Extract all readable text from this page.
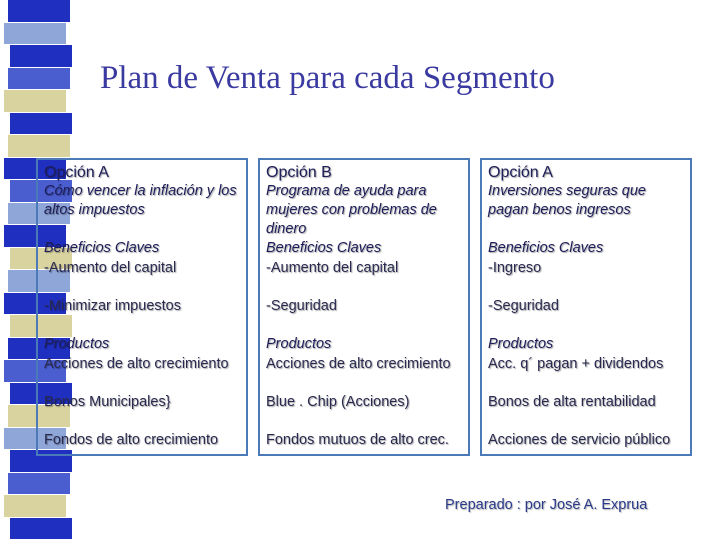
Plan de Venta para cada Segmento
Opción A
Cómo vencer la inflación y los altos impuestos
Beneficios Claves
-Aumento del capital
-Minimizar impuestos
Productos
Acciones de alto crecimiento
Bonos Municipales}
Fondos de alto crecimiento
Opción B
Programa de ayuda para mujeres con problemas de dinero
Beneficios Claves
-Aumento del capital
-Seguridad
Productos
Acciones de alto crecimiento
Blue . Chip (Acciones)
Fondos mutuos de alto crec.
Opción A
Inversiones seguras que pagan benos ingresos
Beneficios Claves
-Ingreso
-Seguridad
Productos
Acc. q´ pagan + dividendos
Bonos de alta rentabilidad
Acciones de servicio público
Preparado : por José A. Exprua
